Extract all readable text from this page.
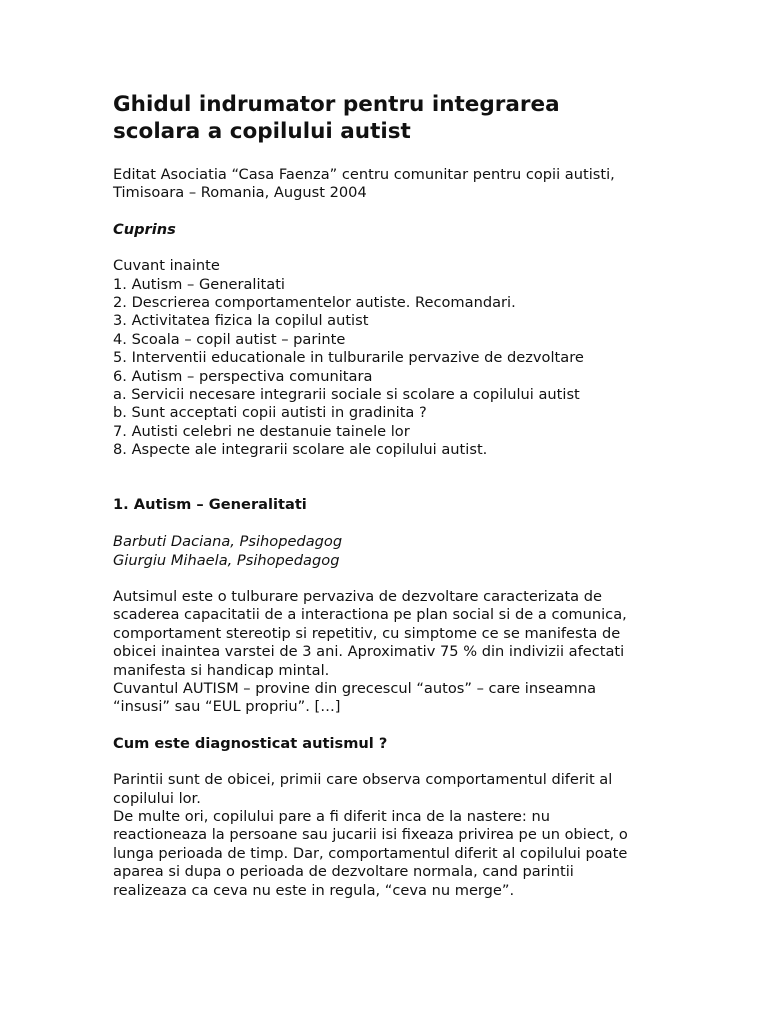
Ghidul indrumator pentru integrarea
scolara a copilului autist
Editat Asociatia “Casa Faenza” centru comunitar pentru copii autisti,
Timisoara – Romania, August 2004
Cuprins
Cuvant inainte
1. Autism – Generalitati
2. Descrierea comportamentelor autiste. Recomandari.
3. Activitatea fizica la copilul autist
4. Scoala – copil autist – parinte
5. Interventii educationale in tulburarile pervazive de dezvoltare
6. Autism – perspectiva comunitara
a. Servicii necesare integrarii sociale si scolare a copilului autist
b. Sunt acceptati copii autisti in gradinita ?
7. Autisti celebri ne destanuie tainele lor
8. Aspecte ale integrarii scolare ale copilului autist.
1. Autism – Generalitati
Barbuti Daciana, Psihopedagog
Giurgiu Mihaela, Psihopedagog
Autsimul este o tulburare pervaziva de dezvoltare caracterizata de
scaderea capacitatii de a interactiona pe plan social si de a comunica,
comportament stereotip si repetitiv, cu simptome ce se manifesta de
obicei inaintea varstei de 3 ani. Aproximativ 75 % din indivizii afectati
manifesta si handicap mintal.
Cuvantul AUTISM – provine din grecescul “autos” – care inseamna
“insusi” sau “EUL propriu”. […]
Cum este diagnosticat autismul ?
Parintii sunt de obicei, primii care observa comportamentul diferit al
copilului lor.
De multe ori, copilului pare a fi diferit inca de la nastere: nu
reactioneaza la persoane sau jucarii isi fixeaza privirea pe un obiect, o
lunga perioada de timp. Dar, comportamentul diferit al copilului poate
aparea si dupa o perioada de dezvoltare normala, cand parintii
realizeaza ca ceva nu este in regula, “ceva nu merge”.
